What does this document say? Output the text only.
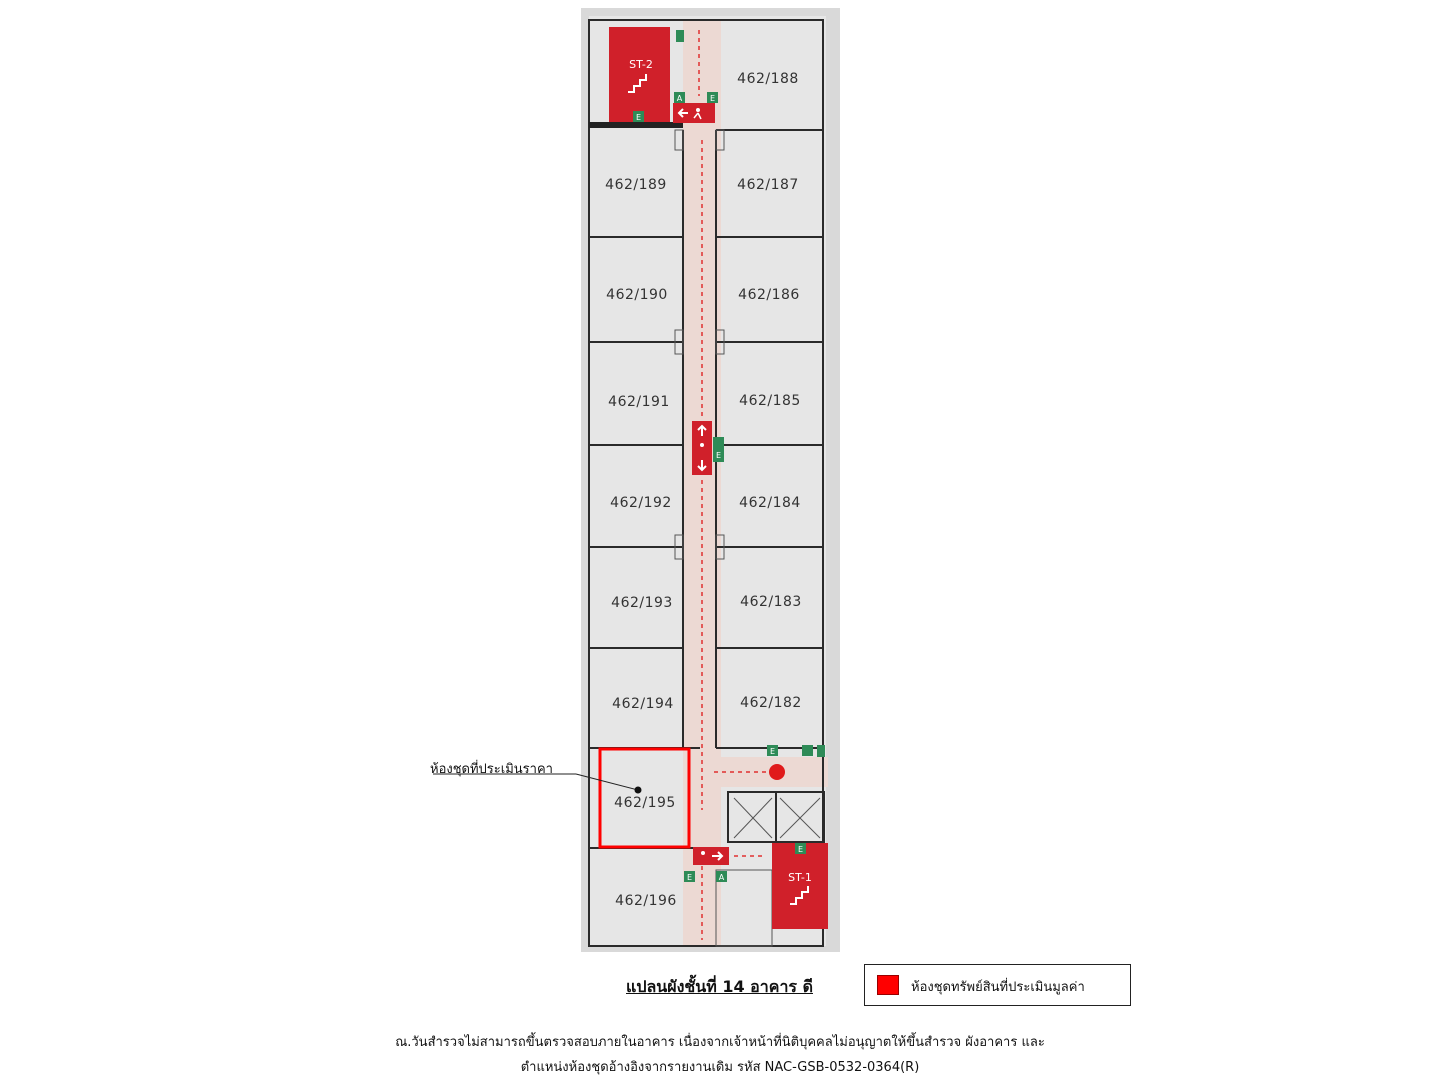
ST-2
ST-1
A	E
E
E
E
E
E	A
462/189
462/190
462/191
462/192
462/193
462/194
462/195
462/196
462/188
462/187
462/186
462/185
462/184
462/183
462/182
ห้องชุดที่ประเมินราคา
แปลนผังชั้นที่ 14 อาคาร ดี	ห้องชุดทรัพย์สินที่ประเมินมูลค่า
ณ.วันสำรวจไม่สามารถขึ้นตรวจสอบภายในอาคาร เนื่องจากเจ้าหน้าที่นิติบุคคลไม่อนุญาตให้ขึ้นสำรวจ ผังอาคาร และ
ตำแหน่งห้องชุดอ้างอิงจากรายงานเดิม รหัส NAC-GSB-0532-0364(R)
